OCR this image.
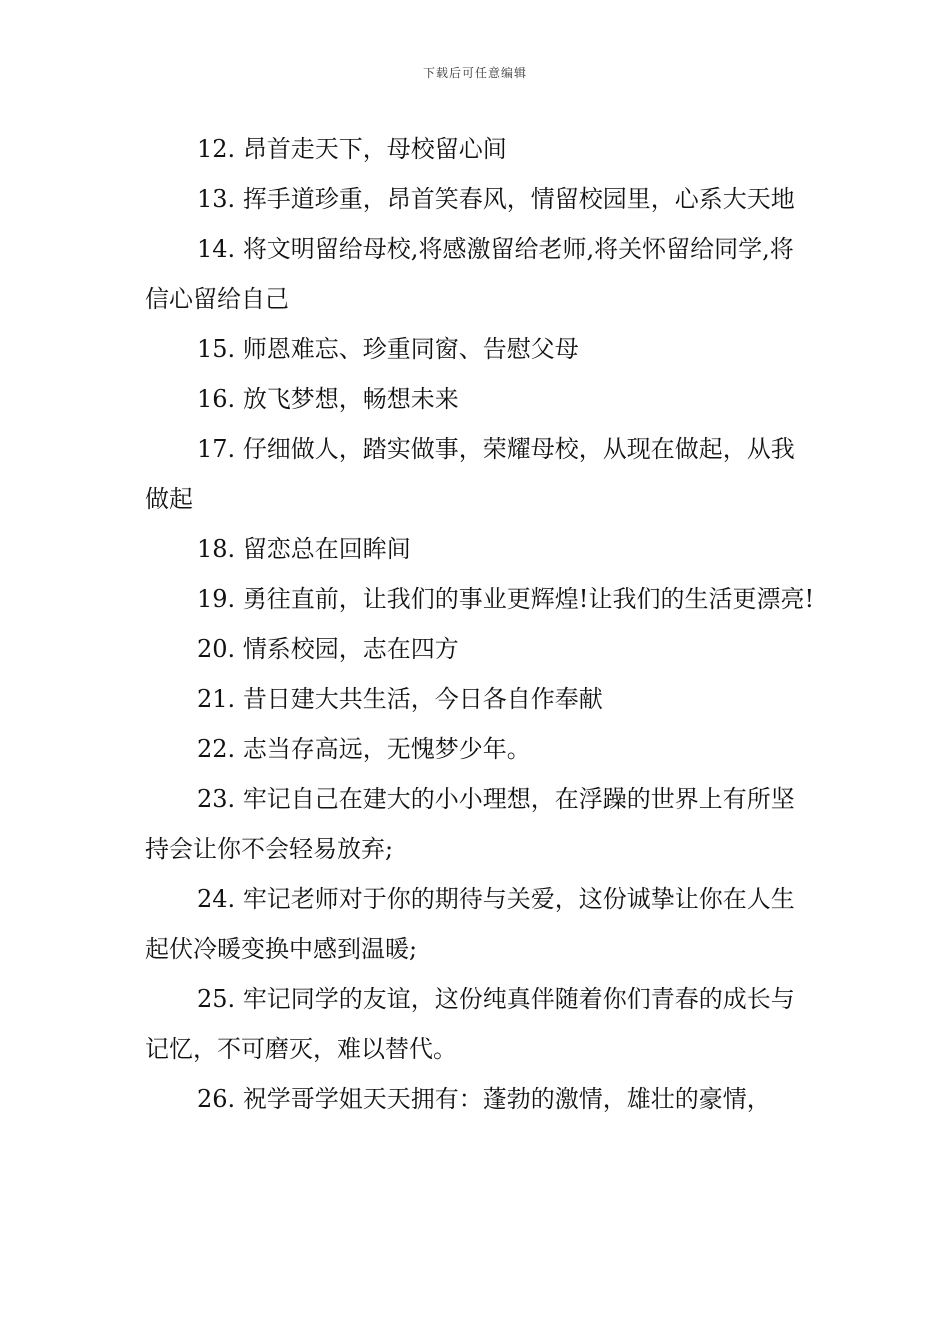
下载后可任意编辑

12. 昂首走天下，母校留心间

13. 挥手道珍重，昂首笑春风，情留校园里，心系大天地

14. 将文明留给母校,将感激留给老师,将关怀留给同学,将信心留给自己

15. 师恩难忘、珍重同窗、告慰父母

16. 放飞梦想，畅想未来

17. 仔细做人，踏实做事，荣耀母校，从现在做起，从我做起

18. 留恋总在回眸间

19. 勇往直前，让我们的事业更辉煌!让我们的生活更漂亮!

20. 情系校园，志在四方

21. 昔日建大共生活，今日各自作奉献

22. 志当存高远，无愧梦少年。

23. 牢记自己在建大的小小理想，在浮躁的世界上有所坚持会让你不会轻易放弃;

24. 牢记老师对于你的期待与关爱，这份诚挚让你在人生起伏冷暖变换中感到温暖;

25. 牢记同学的友谊，这份纯真伴随着你们青春的成长与记忆，不可磨灭，难以替代。

26. 祝学哥学姐天天拥有：蓬勃的激情，雄壮的豪情，
